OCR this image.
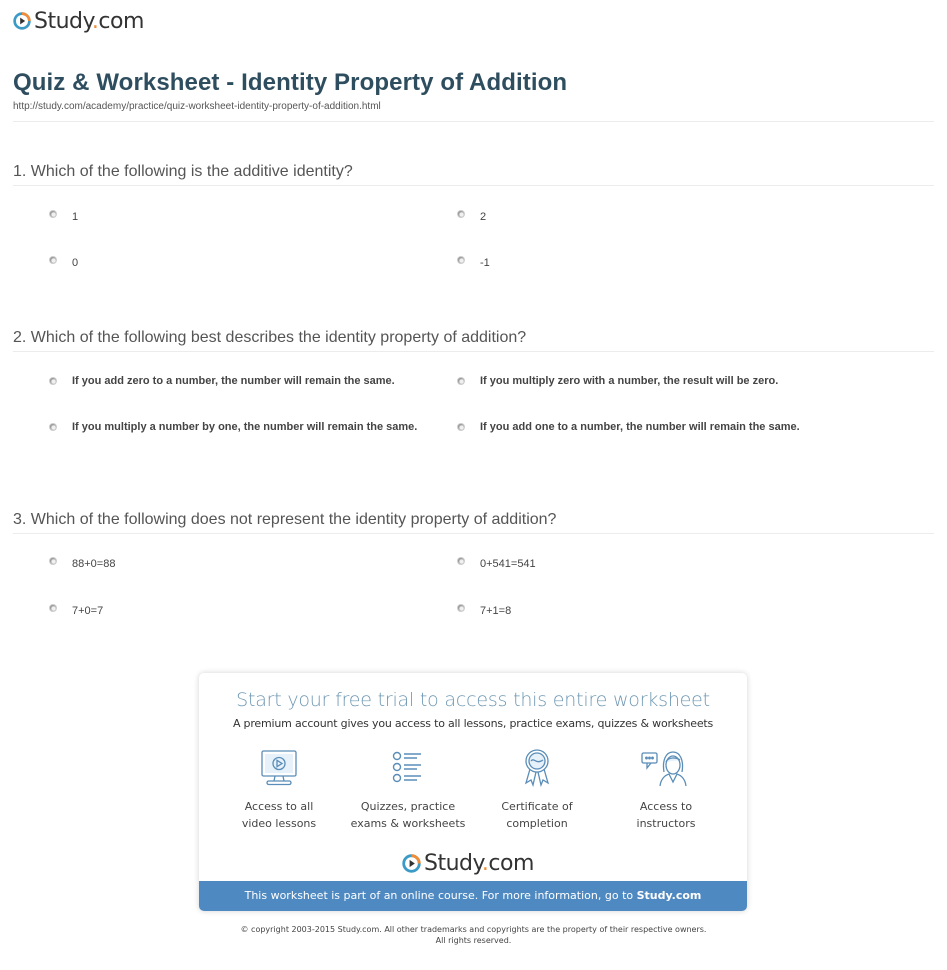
Study.com
Quiz & Worksheet - Identity Property of Addition
http://study.com/academy/practice/quiz-worksheet-identity-property-of-addition.html
1. Which of the following is the additive identity?
1	2
0	-1
2. Which of the following best describes the identity property of addition?
If you add zero to a number, the number will remain the same.	If you multiply zero with a number, the result will be zero.
If you multiply a number by one, the number will remain the same.	If you add one to a number, the number will remain the same.
3. Which of the following does not represent the identity property of addition?
88+0=88	0+541=541
7+0=7	7+1=8
Start your free trial to access this entire worksheet
A premium account gives you access to all lessons, practice exams, quizzes & worksheets
Access to all
video lessons
Quizzes, practice
exams & worksheets
Certificate of
completion
Access to
instructors
Study.com
This worksheet is part of an online course. For more information, go to Study.com
© copyright 2003-2015 Study.com. All other trademarks and copyrights are the property of their respective owners.
All rights reserved.
